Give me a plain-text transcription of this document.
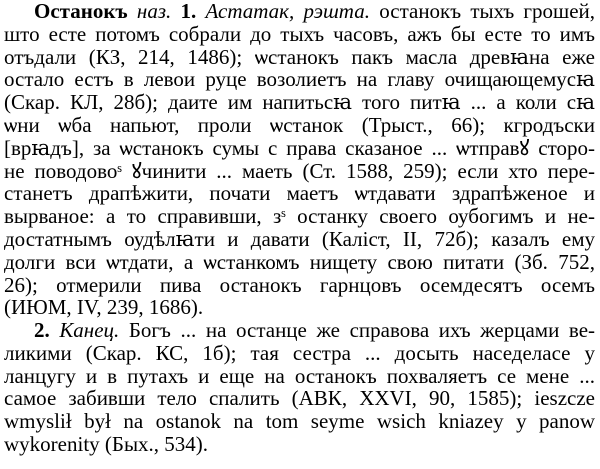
Останокъ наз. 1. Астатак, рэшта. останокъ тыхъ грошей,
што есте потомъ собрали до тыхъ часовъ, ажъ бы есте то имъ
отъдали (КЗ, 214, 1486); ѡстанокъ пакъ масла древꙗна еже
остало естъ в левои руце возолиетъ на главу очищающемусꙗ
(Скар. КЛ, 28б); даите им напитьсꙗ того питꙗ ... а коли сꙗ
ѡни ѡба напьют, проли ѡстанок (Трыст., 66); кгродъски
[врꙗдъ], за ѡстанокъ сумы с права сказаное ... ѡтправꙋ сторо-
не поводовоˢ ꙋчинити ... маеть (Ст. 1588, 259); если хто пере-
станетъ драпѣжити, почати маетъ ѡтдавати здрапѣженое и
вырваное: а то справивши, зˢ останку своего оубогимъ и не-
достатнымъ оудѣлꙗти и давати (Калiст, II, 72б); казалъ ему
долги вси ѡтдати, а ѡстанкомъ нищету свою питати (Зб. 752,
26); отмерили пива останокъ гарнцовъ осемдесятъ осемъ
(ИЮМ, IV, 239, 1686).
2. Канец. Богъ ... на останце же справова ихъ жерцами ве-
ликими (Скар. КС, 1б); тая сестра ... досыть наседеласе у
ланцугу и в путахъ и еще на останокъ похваляетъ се мене ...
самое забивши тело спалить (АВК, XXVI, 90, 1585); ieszcze
wmyslił był na ostanok na tom seyme wsich kniazey y panow
wykorenity (Бых., 534).
